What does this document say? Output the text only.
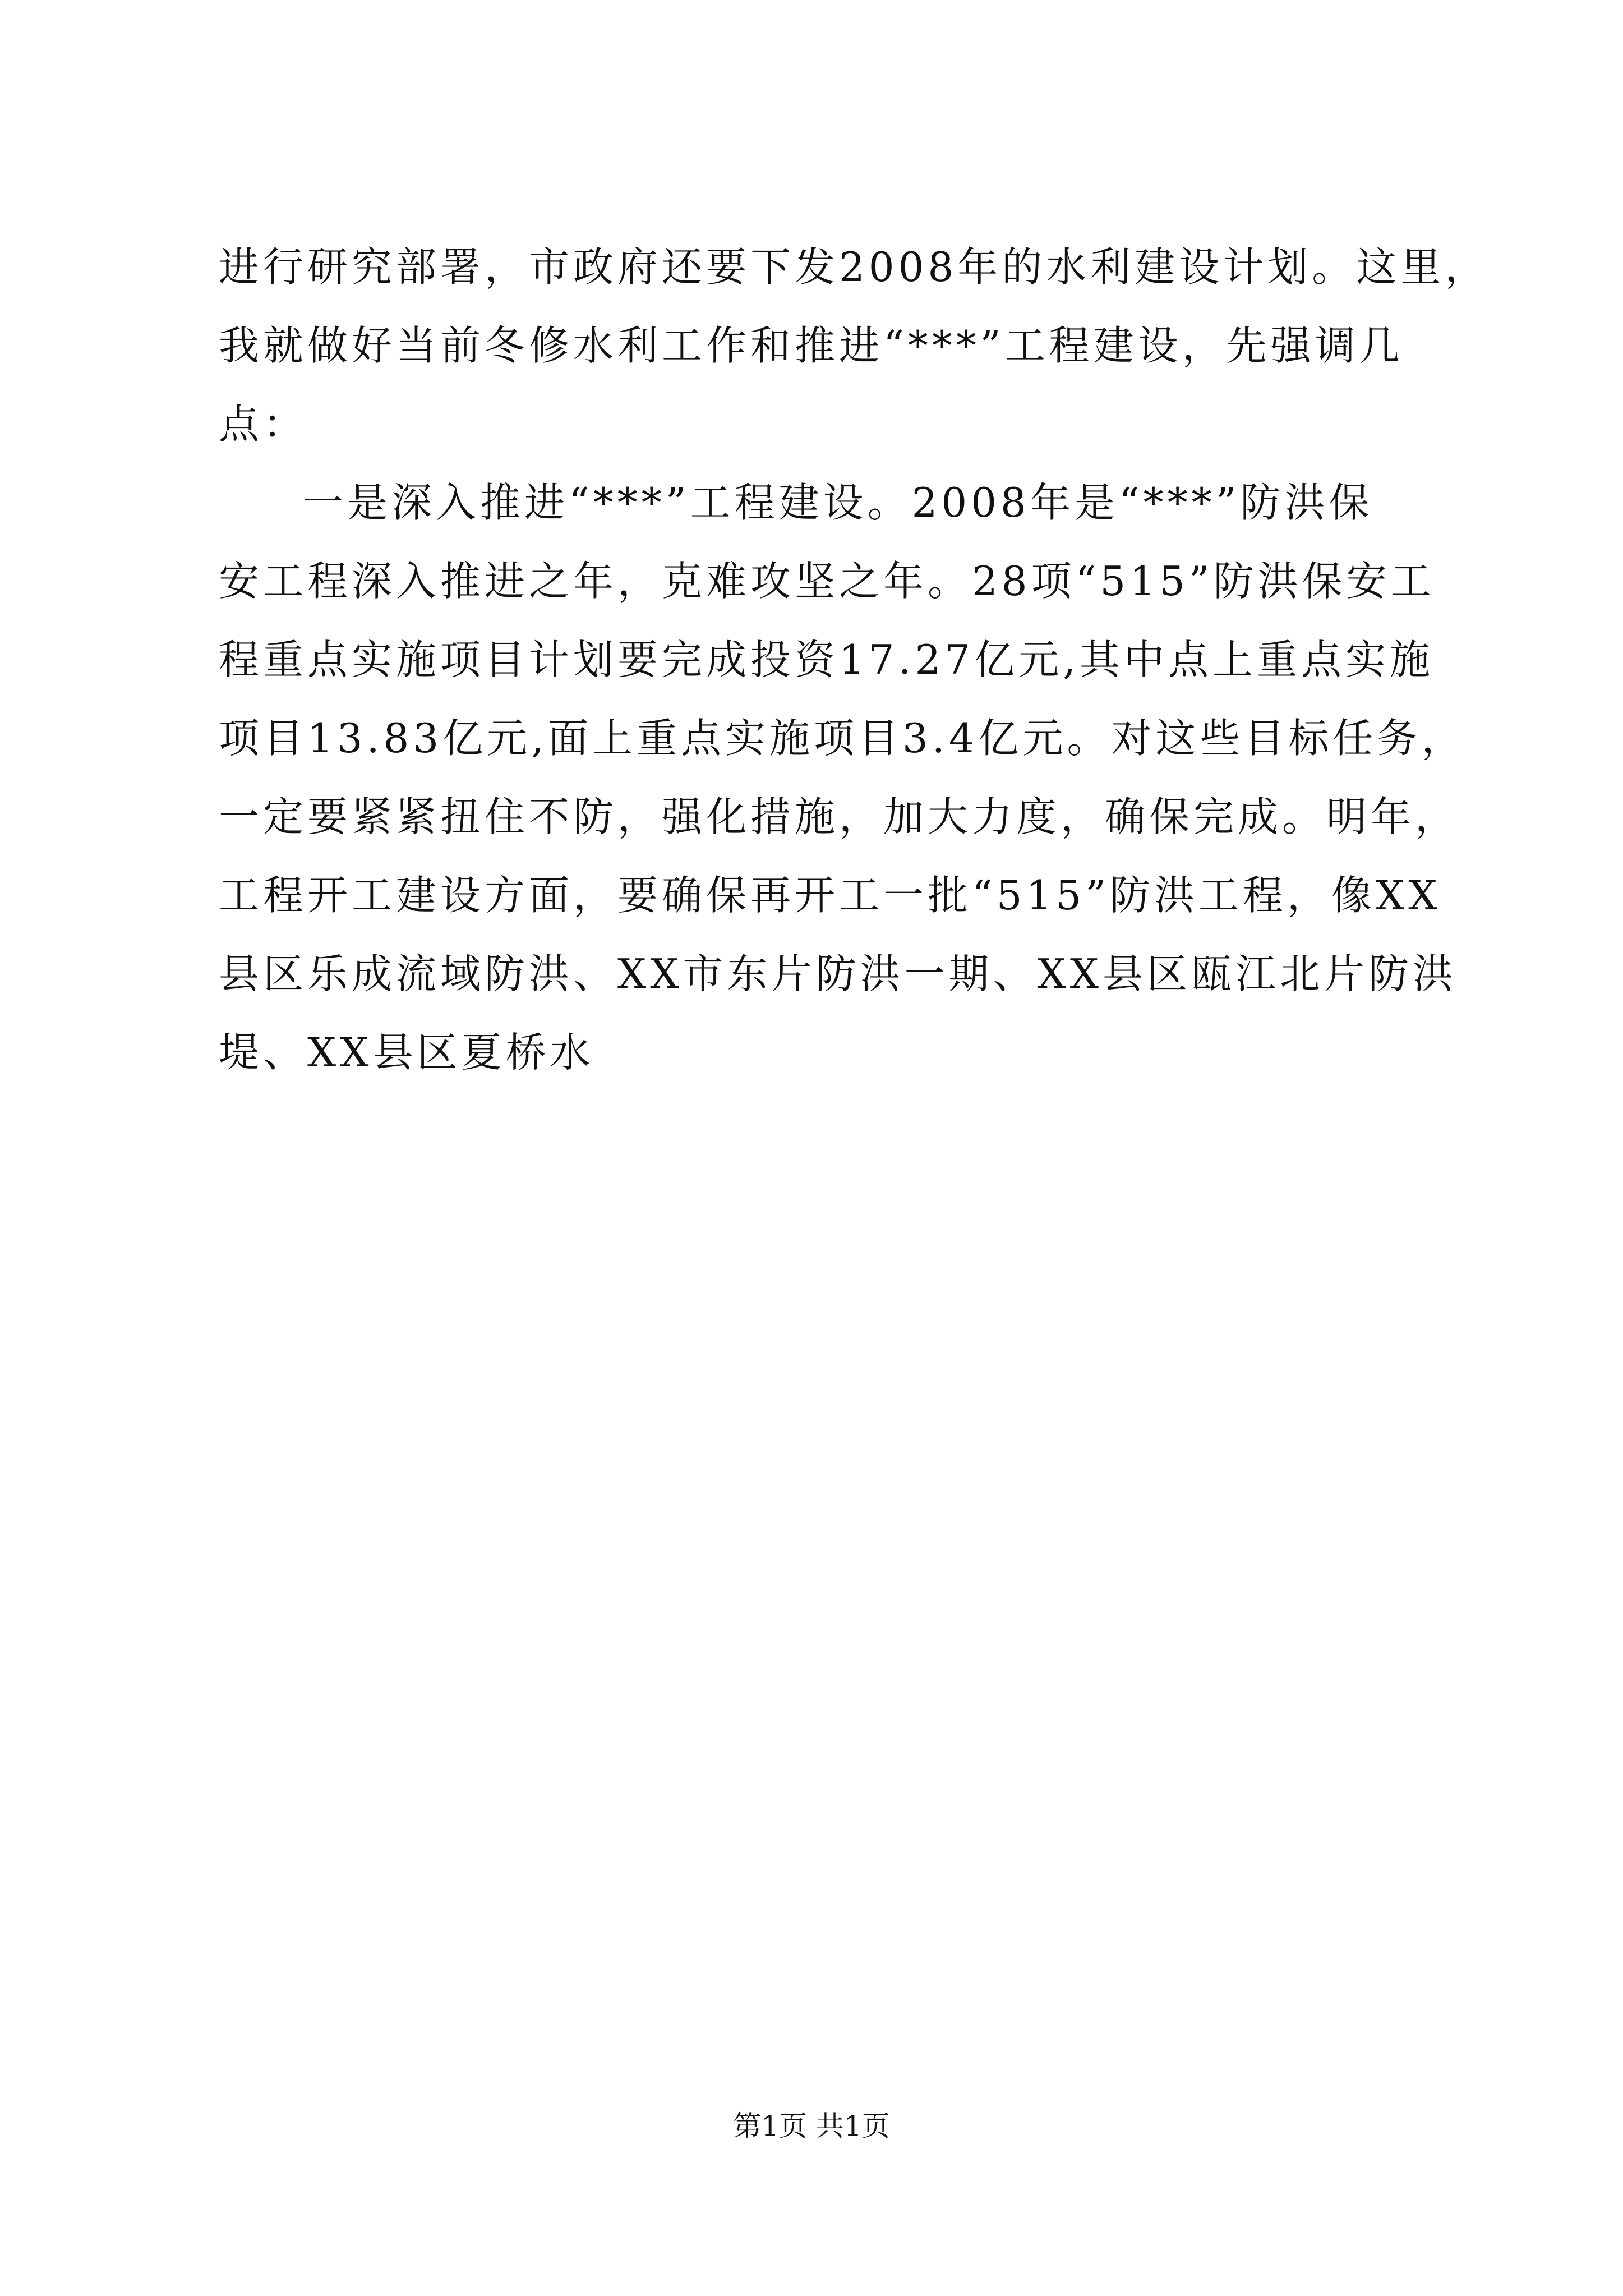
进行研究部署，市政府还要下发2008年的水利建设计划。这里，
我就做好当前冬修水利工作和推进“***”工程建设，先强调几
点：
一是深入推进“***”工程建设。2008年是“***”防洪保
安工程深入推进之年，克难攻坚之年。28项“515”防洪保安工
程重点实施项目计划要完成投资17.27亿元,其中点上重点实施
项目13.83亿元,面上重点实施项目3.4亿元。对这些目标任务，
一定要紧紧扭住不防，强化措施，加大力度，确保完成。明年，
工程开工建设方面，要确保再开工一批“515”防洪工程，像XX
县区乐成流域防洪、XX市东片防洪一期、XX县区瓯江北片防洪
堤、XX县区夏桥水
第1页 共1页
